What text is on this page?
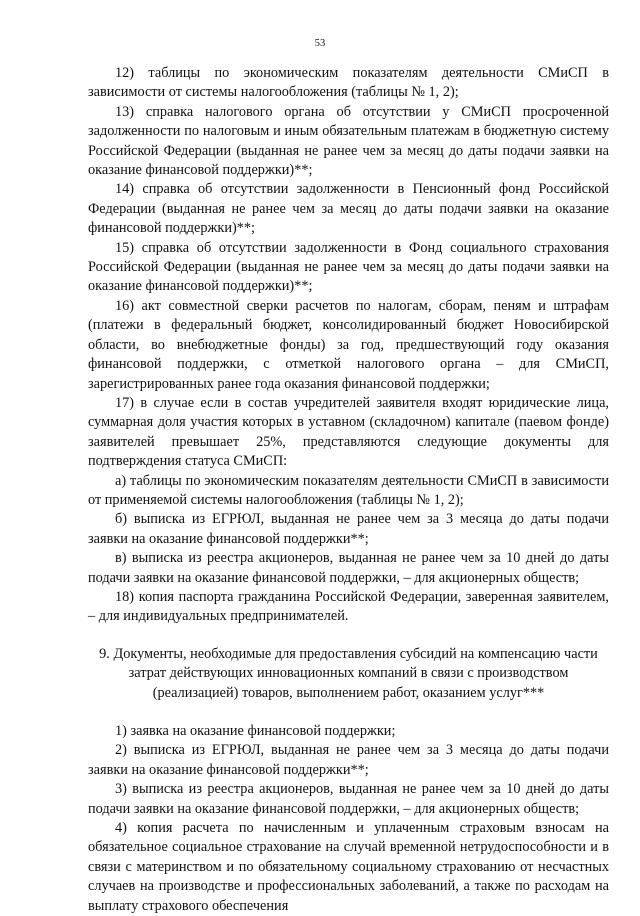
53

12) таблицы по экономическим показателям деятельности СМиСП в зависимости от системы налогообложения (таблицы № 1, 2);

13) справка налогового органа об отсутствии у СМиСП просроченной задолженности по налоговым и иным обязательным платежам в бюджетную систему Российской Федерации (выданная не ранее чем за месяц до даты подачи заявки на оказание финансовой поддержки)**;

14) справка об отсутствии задолженности в Пенсионный фонд Российской Федерации (выданная не ранее чем за месяц до даты подачи заявки на оказание финансовой поддержки)**;

15) справка об отсутствии задолженности в Фонд социального страхования Российской Федерации (выданная не ранее чем за месяц до даты подачи заявки на оказание финансовой поддержки)**;

16) акт совместной сверки расчетов по налогам, сборам, пеням и штрафам (платежи в федеральный бюджет, консолидированный бюджет Новосибирской области, во внебюджетные фонды) за год, предшествующий году оказания финансовой поддержки, с отметкой налогового органа – для СМиСП, зарегистрированных ранее года оказания финансовой поддержки;

17) в случае если в состав учредителей заявителя входят юридические лица, суммарная доля участия которых в уставном (складочном) капитале (паевом фонде) заявителей превышает 25%, представляются следующие документы для подтверждения статуса СМиСП:

а) таблицы по экономическим показателям деятельности СМиСП в зависимости от применяемой системы налогообложения (таблицы № 1, 2);

б) выписка из ЕГРЮЛ, выданная не ранее чем за 3 месяца до даты подачи заявки на оказание финансовой поддержки**;

в) выписка из реестра акционеров, выданная не ранее чем за 10 дней до даты подачи заявки на оказание финансовой поддержки, – для акционерных обществ;

18) копия паспорта гражданина Российской Федерации, заверенная заявителем, – для индивидуальных предпринимателей.

9. Документы, необходимые для предоставления субсидий на компенсацию части затрат действующих инновационных компаний в связи с производством (реализацией) товаров, выполнением работ, оказанием услуг***

1) заявка на оказание финансовой поддержки;

2) выписка из ЕГРЮЛ, выданная не ранее чем за 3 месяца до даты подачи заявки на оказание финансовой поддержки**;

3) выписка из реестра акционеров, выданная не ранее чем за 10 дней до даты подачи заявки на оказание финансовой поддержки, – для акционерных обществ;

4) копия расчета по начисленным и уплаченным страховым взносам на обязательное социальное страхование на случай временной нетрудоспособности и в связи с материнством и по обязательному социальному страхованию от несчастных случаев на производстве и профессиональных заболеваний, а также по расходам на выплату страхового обеспечения
